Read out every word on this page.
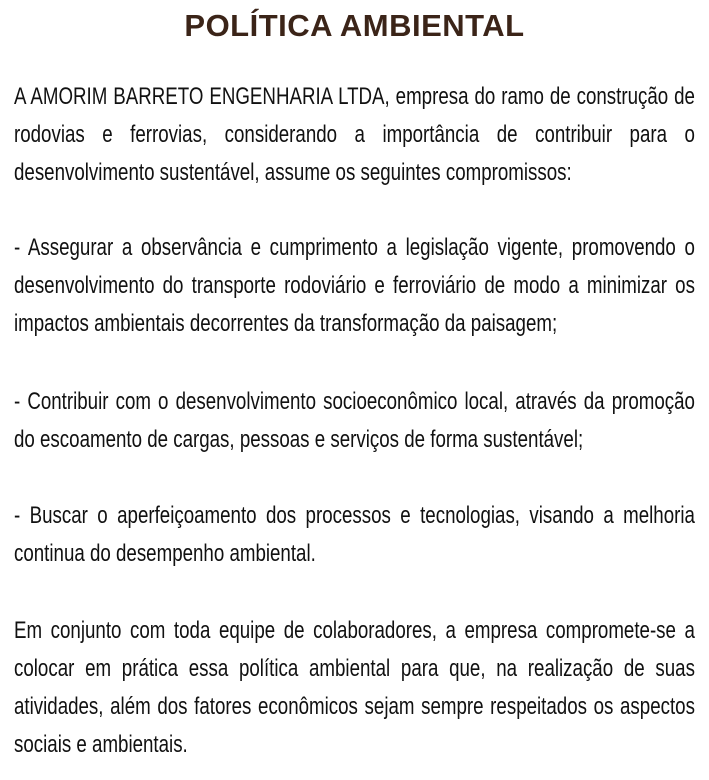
POLÍTICA AMBIENTAL

A AMORIM BARRETO ENGENHARIA LTDA, empresa do ramo de construção de rodovias e ferrovias, considerando a importância de contribuir para o desenvolvimento sustentável, assume os seguintes compromissos:

- Assegurar a observância e cumprimento a legislação vigente, promovendo o desenvolvimento do transporte rodoviário e ferroviário de modo a minimizar os impactos ambientais decorrentes da transformação da paisagem;

- Contribuir com o desenvolvimento socioeconômico local, através da promoção do escoamento de cargas, pessoas e serviços de forma sustentável;

- Buscar o aperfeiçoamento dos processos e tecnologias, visando a melhoria continua do desempenho ambiental.

Em conjunto com toda equipe de colaboradores, a empresa compromete-se a colocar em prática essa política ambiental para que, na realização de suas atividades, além dos fatores econômicos sejam sempre respeitados os aspectos sociais e ambientais.
